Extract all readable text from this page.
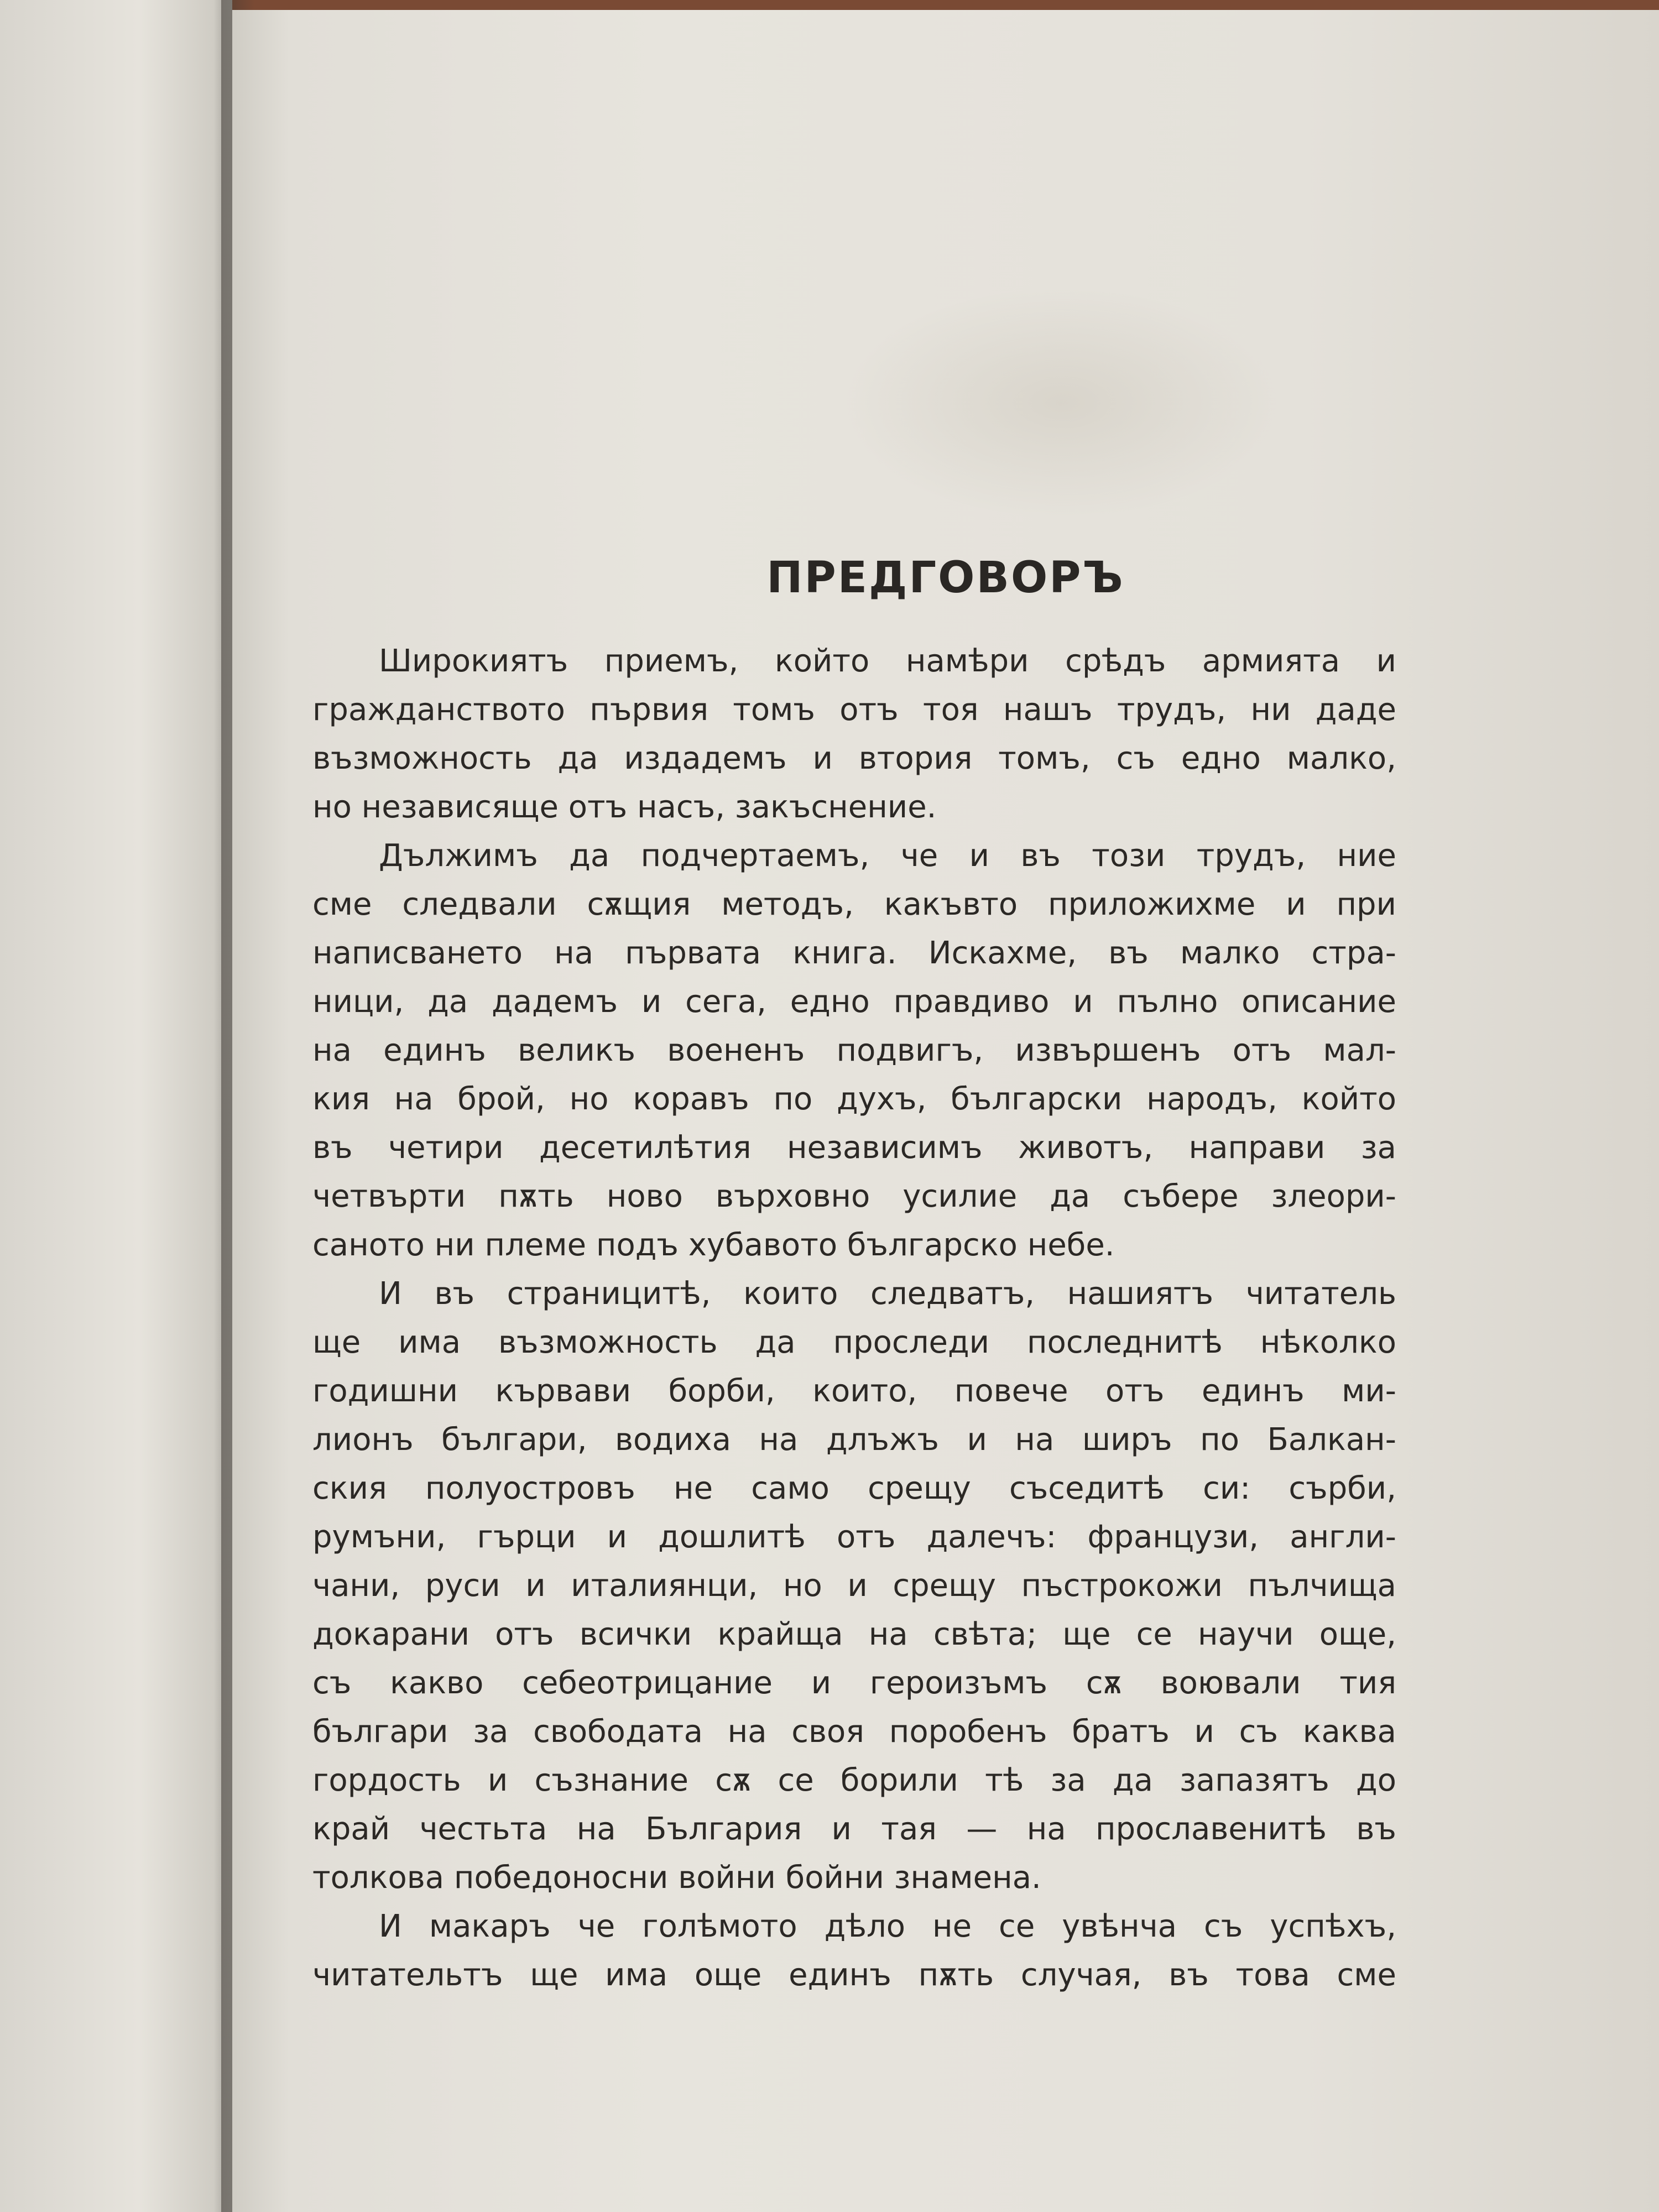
ПРЕДГОВОРЪ
Широкиятъ приемъ, който намѣри срѣдъ армията и
гражданството първия томъ отъ тоя нашъ трудъ, ни даде
възможность да издадемъ и втория томъ, съ едно малко,
но независяще отъ насъ, закъснение.
Дължимъ да подчертаемъ, че и въ този трудъ, ние
сме следвали сѫщия методъ, какъвто приложихме и при
написването на първата книга. Искахме, въ малко стра-
ници, да дадемъ и сега, едно правдиво и пълно описание
на единъ великъ воененъ подвигъ, извършенъ отъ мал-
кия на брой, но коравъ по духъ, български народъ, който
въ четири десетилѣтия независимъ животъ, направи за
четвърти пѫть ново върховно усилие да събере злеори-
саното ни племе подъ хубавото българско небе.
И въ страницитѣ, които следватъ, нашиятъ читатель
ще има възможность да проследи последнитѣ нѣколко
годишни кървави борби, които, повече отъ единъ ми-
лионъ българи, водиха на длъжъ и на ширъ по Балкан-
ския полуостровъ не само срещу съседитѣ си: сърби,
румъни, гърци и дошлитѣ отъ далечъ: французи, англи-
чани, руси и италиянци, но и срещу пъстрокожи пълчища
докарани отъ всички крайща на свѣта; ще се научи още,
съ какво себеотрицание и героизъмъ сѫ воювали тия
българи за свободата на своя поробенъ братъ и съ каква
гордость и съзнание сѫ се борили тѣ за да запазятъ до
край честьта на България и тая — на прославенитѣ въ
толкова победоносни войни бойни знамена.
И макаръ че голѣмото дѣло не се увѣнча съ успѣхъ,
читательтъ ще има още единъ пѫть случая, въ това сме
